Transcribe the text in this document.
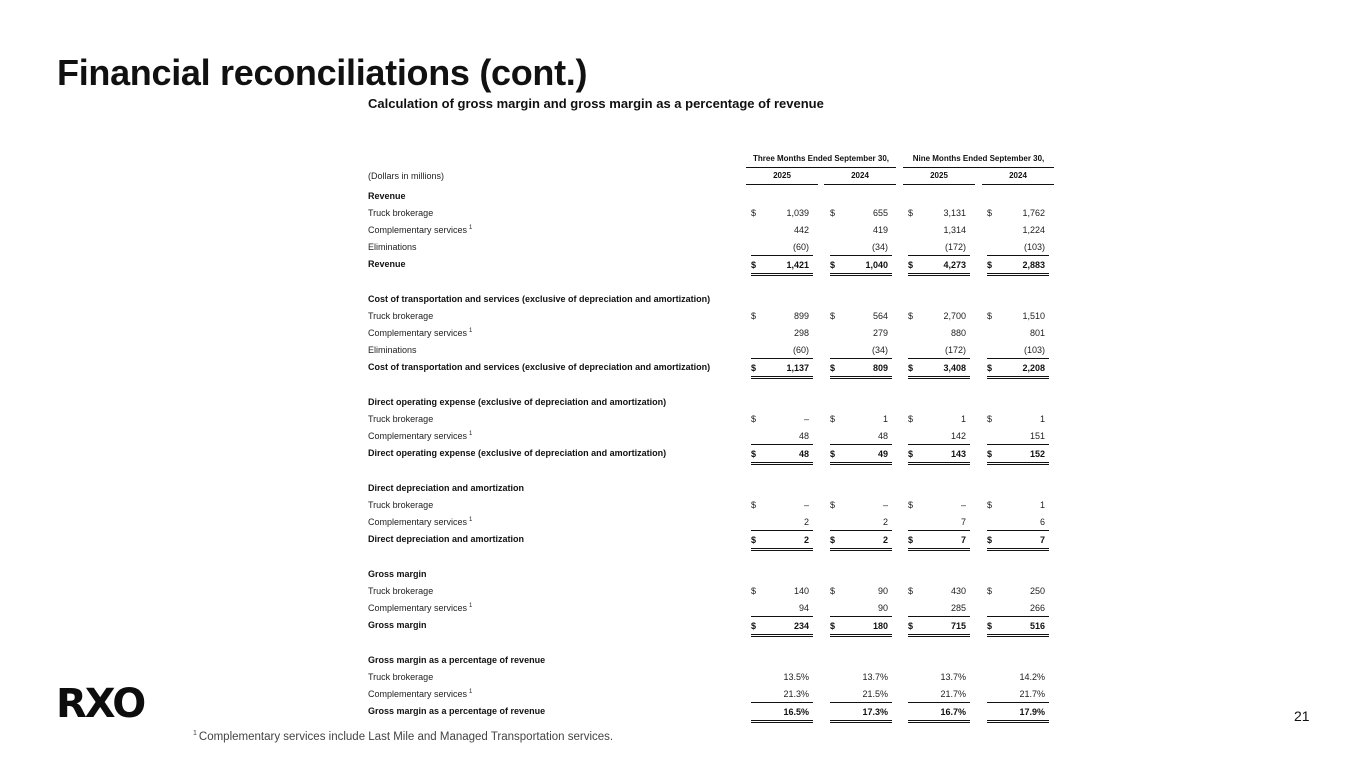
Financial reconciliations (cont.)
Calculation of gross margin and gross margin as a percentage of revenue
Three Months Ended September 30,	Nine Months Ended September 30,
(Dollars in millions)	2025	2024	2025	2024
Revenue
Truck brokerage	$	1,039 $	655 $	3,131 $	1,762
Complementary services $^1$	442	419	1,314	1,224
Eliminations	(60)	(34)	(172)	(103)
Revenue	$	1,421 $	1,040 $	4,273 $	2,883
Cost of transportation and services (exclusive of depreciation and amortization)
Truck brokerage	$	899 $	564 $	2,700 $	1,510
Complementary services $^1$	298	279	880	801
Eliminations	(60)	(34)	(172)	(103)
Cost of transportation and services (exclusive of depreciation and amortization)	$	1,137 $	809 $	3,408 $	2,208
Direct operating expense (exclusive of depreciation and amortization)
Truck brokerage	$	– $	1 $	1 $	1
Complementary services $^1$	48	48	142	151
Direct operating expense (exclusive of depreciation and amortization)	$	48 $	49 $	143 $	152
Direct depreciation and amortization
Truck brokerage	$	– $	– $	– $	1
Complementary services $^1$	2	2	7	6
Direct depreciation and amortization	$	2 $	2 $	7 $	7
Gross margin
Truck brokerage	$	140 $	90 $	430 $	250
Complementary services $^1$	94	90	285	266
Gross margin	$	234 $	180 $	715 $	516
Gross margin as a percentage of revenue
Truck brokerage	13.5%	13.7%	13.7%	14.2%
Complementary services $^1$	21.3%	21.5%	21.7%	21.7%
Gross margin as a percentage of revenue	16.5%	17.3%	16.7%	17.9%
RXO	21
$^1$ Complementary services include Last Mile and Managed Transportation services.
